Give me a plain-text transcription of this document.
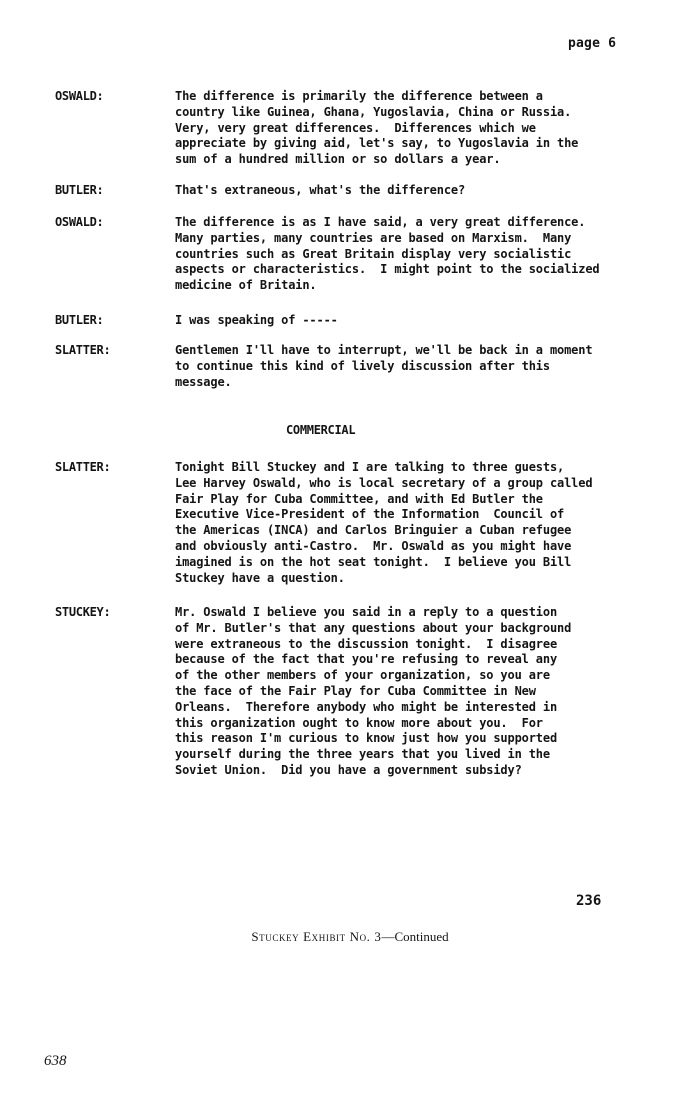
page 6
OSWALD:	The difference is primarily the difference between a
country like Guinea, Ghana, Yugoslavia, China or Russia.
Very, very great differences.  Differences which we
appreciate by giving aid, let's say, to Yugoslavia in the
sum of a hundred million or so dollars a year.
BUTLER:	That's extraneous, what's the difference?
OSWALD:	The difference is as I have said, a very great difference.
Many parties, many countries are based on Marxism.  Many
countries such as Great Britain display very socialistic
aspects or characteristics.  I might point to the socialized
medicine of Britain.
BUTLER:	I was speaking of -----
SLATTER:	Gentlemen I'll have to interrupt, we'll be back in a moment
to continue this kind of lively discussion after this
message.
COMMERCIAL
SLATTER:	Tonight Bill Stuckey and I are talking to three guests,
Lee Harvey Oswald, who is local secretary of a group called
Fair Play for Cuba Committee, and with Ed Butler the
Executive Vice-President of the Information  Council of
the Americas (INCA) and Carlos Bringuier a Cuban refugee
and obviously anti-Castro.  Mr. Oswald as you might have
imagined is on the hot seat tonight.  I believe you Bill
Stuckey have a question.
STUCKEY:	Mr. Oswald I believe you said in a reply to a question
of Mr. Butler's that any questions about your background
were extraneous to the discussion tonight.  I disagree
because of the fact that you're refusing to reveal any
of the other members of your organization, so you are
the face of the Fair Play for Cuba Committee in New
Orleans.  Therefore anybody who might be interested in
this organization ought to know more about you.  For
this reason I'm curious to know just how you supported
yourself during the three years that you lived in the
Soviet Union.  Did you have a government subsidy?
236
Stuckey Exhibit No. 3—Continued
638
